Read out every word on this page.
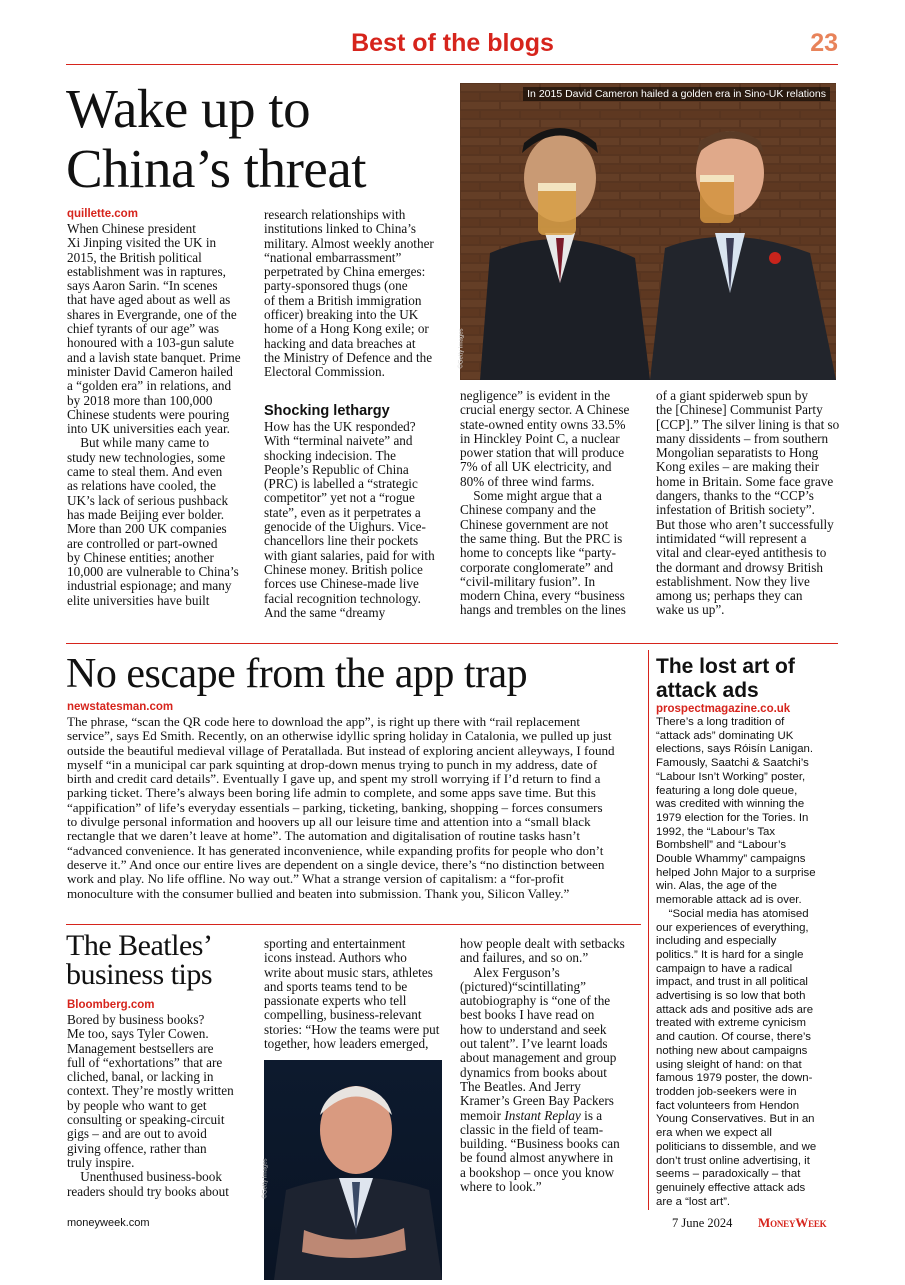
Best of the blogs	23
Wake up to
China’s threat
quillette.com
When Chinese president
Xi Jinping visited the UK in
2015, the British political
establishment was in raptures,
says Aaron Sarin. “In scenes
that have aged about as well as
shares in Evergrande, one of the
chief tyrants of our age” was
honoured with a 103-gun salute
and a lavish state banquet. Prime
minister David Cameron hailed
a “golden era” in relations, and
by 2018 more than 100,000
Chinese students were pouring
into UK universities each year.
But while many came to
study new technologies, some
came to steal them. And even
as relations have cooled, the
UK’s lack of serious pushback
has made Beijing ever bolder.
More than 200 UK companies
are controlled or part-owned
by Chinese entities; another
10,000 are vulnerable to China’s
industrial espionage; and many
elite universities have built
research relationships with
institutions linked to China’s
military. Almost weekly another
“national embarrassment”
perpetrated by China emerges:
party-sponsored thugs (one
of them a British immigration
officer) breaking into the UK
home of a Hong Kong exile; or
hacking and data breaches at
the Ministry of Defence and the
Electoral Commission.
Shocking lethargy
How has the UK responded?
With “terminal naivete” and
shocking indecision. The
People’s Republic of China
(PRC) is labelled a “strategic
competitor” yet not a “rogue
state”, even as it perpetrates a
genocide of the Uighurs. Vice-
chancellors line their pockets
with giant salaries, paid for with
Chinese money. British police
forces use Chinese-made live
facial recognition technology.
And the same “dreamy
In 2015 David Cameron hailed a golden era in Sino-UK relations
©Getty Images
negligence” is evident in the
crucial energy sector. A Chinese
state-owned entity owns 33.5%
in Hinckley Point C, a nuclear
power station that will produce
7% of all UK electricity, and
80% of three wind farms.
Some might argue that a
Chinese company and the
Chinese government are not
the same thing. But the PRC is
home to concepts like “party-
corporate conglomerate” and
“civil-military fusion”. In
modern China, every “business
hangs and trembles on the lines
of a giant spiderweb spun by
the [Chinese] Communist Party
[CCP].” The silver lining is that so
many dissidents – from southern
Mongolian separatists to Hong
Kong exiles – are making their
home in Britain. Some face grave
dangers, thanks to the “CCP’s
infestation of British society”.
But those who aren’t successfully
intimidated “will represent a
vital and clear-eyed antithesis to
the dormant and drowsy British
establishment. Now they live
among us; perhaps they can
wake us up”.
No escape from the app trap
newstatesman.com
The phrase, “scan the QR code here to download the app”, is right up there with “rail replacement
service”, says Ed Smith. Recently, on an otherwise idyllic spring holiday in Catalonia, we pulled up just
outside the beautiful medieval village of Peratallada. But instead of exploring ancient alleyways, I found
myself “in a municipal car park squinting at drop-down menus trying to punch in my address, date of
birth and credit card details”. Eventually I gave up, and spent my stroll worrying if I’d return to find a
parking ticket. There’s always been boring life admin to complete, and some apps save time. But this
“appification” of life’s everyday essentials – parking, ticketing, banking, shopping – forces consumers
to divulge personal information and hoovers up all our leisure time and attention into a “small black
rectangle that we daren’t leave at home”. The automation and digitalisation of routine tasks hasn’t
“advanced convenience. It has generated inconvenience, while expanding profits for people who don’t
deserve it.” And once our entire lives are dependent on a single device, there’s “no distinction between
work and play. No life offline. No way out.” What a strange version of capitalism: a “for-profit
monoculture with the consumer bullied and beaten into submission. Thank you, Silicon Valley.”
The lost art of
attack ads
prospectmagazine.co.uk
There’s a long tradition of
“attack ads” dominating UK
elections, says Róisín Lanigan.
Famously, Saatchi & Saatchi’s
“Labour Isn’t Working” poster,
featuring a long dole queue,
was credited with winning the
1979 election for the Tories. In
1992, the “Labour’s Tax
Bombshell” and “Labour’s
Double Whammy” campaigns
helped John Major to a surprise
win. Alas, the age of the
memorable attack ad is over.
“Social media has atomised
our experiences of everything,
including and especially
politics.” It is hard for a single
campaign to have a radical
impact, and trust in all political
advertising is so low that both
attack ads and positive ads are
treated with extreme cynicism
and caution. Of course, there’s
nothing new about campaigns
using sleight of hand: on that
famous 1979 poster, the down-
trodden job-seekers were in
fact volunteers from Hendon
Young Conservatives. But in an
era when we expect all
politicians to dissemble, and we
don’t trust online advertising, it
seems – paradoxically – that
genuinely effective attack ads
are a “lost art”.
The Beatles’
business tips
Bloomberg.com
Bored by business books?
Me too, says Tyler Cowen.
Management bestsellers are
full of “exhortations” that are
cliched, banal, or lacking in
context. They’re mostly written
by people who want to get
consulting or speaking-circuit
gigs – and are out to avoid
giving offence, rather than
truly inspire.
Unenthused business-book
readers should try books about
sporting and entertainment
icons instead. Authors who
write about music stars, athletes
and sports teams tend to be
passionate experts who tell
compelling, business-relevant
stories: “How the teams were put
together, how leaders emerged,
©Getty Images
how people dealt with setbacks
and failures, and so on.”
Alex Ferguson’s
(pictured)“scintillating”
autobiography is “one of the
best books I have read on
how to understand and seek
out talent”. I’ve learnt loads
about management and group
dynamics from books about
The Beatles. And Jerry
Kramer’s Green Bay Packers
memoir Instant Replay is a
classic in the field of team-
building. “Business books can
be found almost anywhere in
a bookshop – once you know
where to look.”
moneyweek.com	7 June 2024 MoneyWeek
